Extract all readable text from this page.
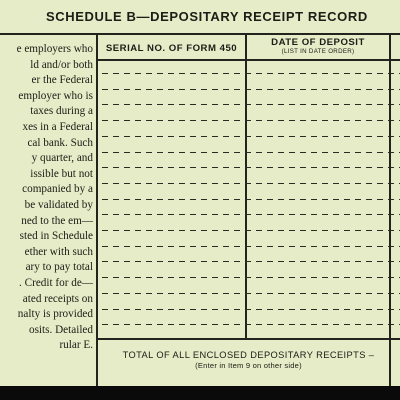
SCHEDULE B—DEPOSITARY RECEIPT RECORD
e employers who
ld and/or both
er the Federal
employer who is
taxes during a
xes in a Federal
cal bank. Such
y quarter, and
issible but not
companied by a
be validated by
ned to the em—
sted in Schedule
ether with such
ary to pay total
. Credit for de—
ated receipts on
nalty is provided
osits. Detailed
rular E.
SERIAL NO. OF FORM 450
DATE OF DEPOSIT
(LIST IN DATE ORDER)
TOTAL OF ALL ENCLOSED DEPOSITARY RECEIPTS –
(Enter in Item 9 on other side)
